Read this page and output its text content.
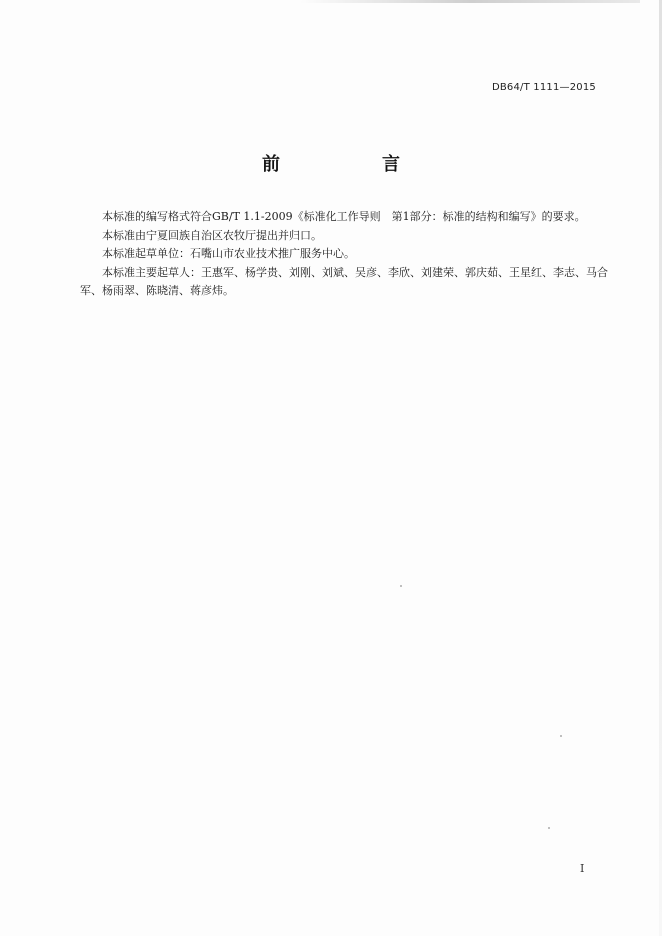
DB64/T 1111—2015
前　言

本标准的编写格式符合GB/T 1.1-2009《标准化工作导则　第1部分：标准的结构和编写》的要求。

本标准由宁夏回族自治区农牧厅提出并归口。

本标准起草单位：石嘴山市农业技术推广服务中心。

本标准主要起草人：王惠军、杨学贵、刘刚、刘斌、吴彦、李欣、刘建荣、郭庆茹、王星红、李志、马合军、杨雨翠、陈晓清、蒋彦炜。

I
